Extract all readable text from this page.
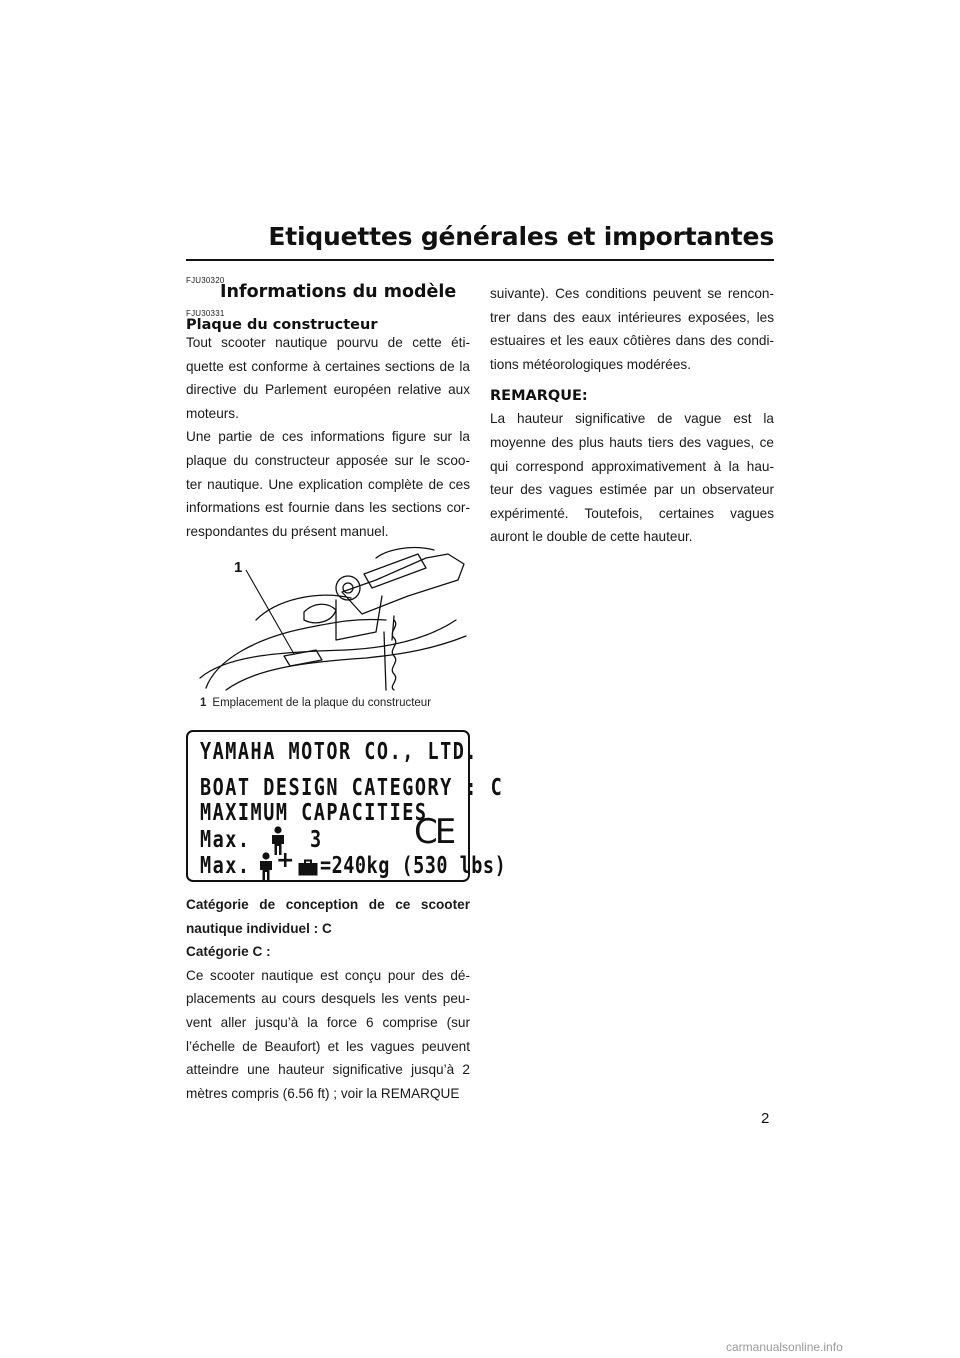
Etiquettes générales et importantes
FJU30320
Informations du modèle
FJU30331
Plaque du constructeur

Tout scooter nautique pourvu de cette éti-quette est conforme à certaines sections de la directive du Parlement européen relative aux moteurs.

Une partie de ces informations figure sur la plaque du constructeur apposée sur le scoo-ter nautique. Une explication complète de ces informations est fournie dans les sections cor-respondantes du présent manuel.

1
1 Emplacement de la plaque du constructeur
YAMAHA MOTOR CO., LTD.
BOAT DESIGN CATEGORY : C
MAXIMUM CAPACITIES
Max.	3
Max. + =240kg (530 lbs)
CE

Catégorie de conception de ce scooter nautique individuel : C

Catégorie C :

Ce scooter nautique est conçu pour des dé-placements au cours desquels les vents peu-vent aller jusqu’à la force 6 comprise (sur l’échelle de Beaufort) et les vagues peuvent atteindre une hauteur significative jusqu’à 2 mètres compris (6.56 ft) ; voir la REMARQUE

suivante). Ces conditions peuvent se rencon-trer dans des eaux intérieures exposées, les estuaires et les eaux côtières dans des condi-tions météorologiques modérées.

REMARQUE:

La hauteur significative de vague est la moyenne des plus hauts tiers des vagues, ce qui correspond approximativement à la hau-teur des vagues estimée par un observateur expérimenté. Toutefois, certaines vagues auront le double de cette hauteur.

2
carmanualsonline.info
